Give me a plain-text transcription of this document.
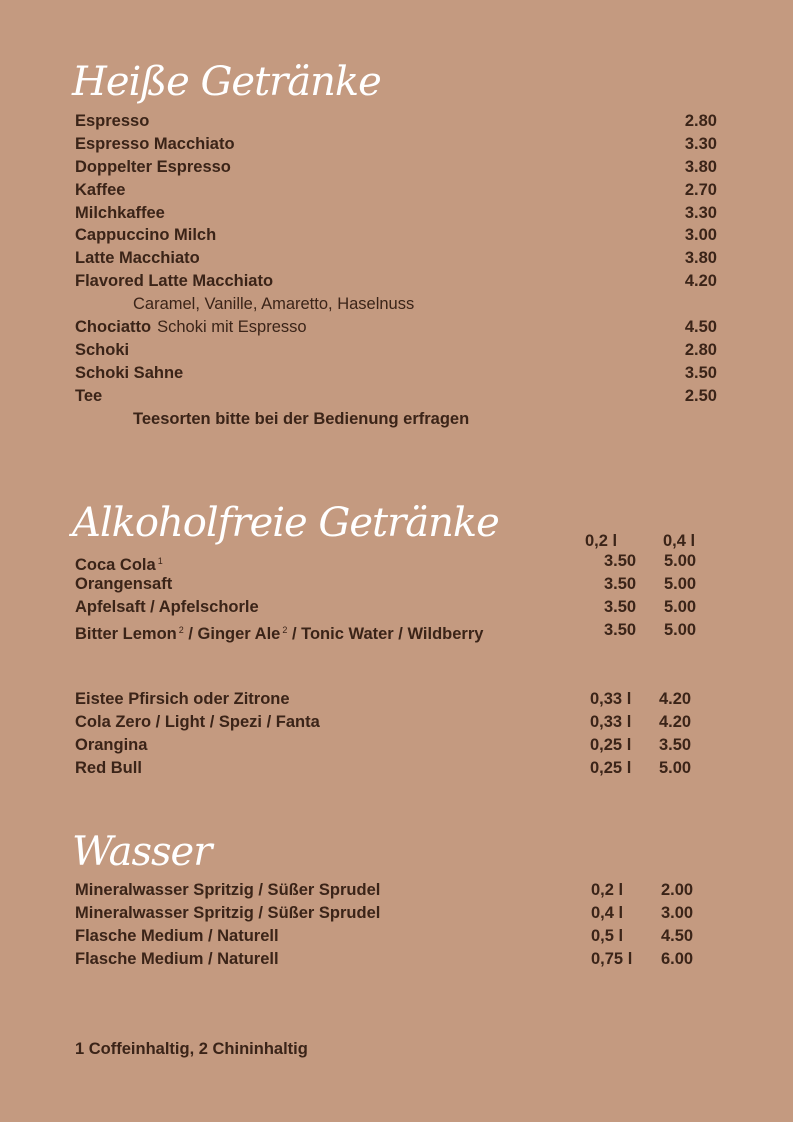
Heiße Getränke
Espresso	2.80
Espresso Macchiato	3.30
Doppelter Espresso	3.80
Kaffee	2.70
Milchkaffee	3.30
Cappuccino Milch	3.00
Latte Macchiato	3.80
Flavored Latte Macchiato	4.20
Caramel, Vanille, Amaretto, Haselnuss
Chociatto Schoki mit Espresso	4.50
Schoki	2.80
Schoki Sahne	3.50
Tee	2.50
Teesorten bitte bei der Bedienung erfragen
Alkoholfreie Getränke	0,2 l	0,4 l
Coca Cola $^1$	3.50	5.00
Orangensaft	3.50	5.00
Apfelsaft / Apfelschorle	3.50	5.00
Bitter Lemon $^2$ / Ginger Ale $^2$ / Tonic Water / Wildberry	3.50	5.00
Eistee Pfirsich oder Zitrone	0,33 l	4.20
Cola Zero / Light / Spezi / Fanta	0,33 l	4.20
Orangina	0,25 l	3.50
Red Bull	0,25 l	5.00
Wasser
Mineralwasser Spritzig / Süßer Sprudel	0,2 l	2.00
Mineralwasser Spritzig / Süßer Sprudel	0,4 l	3.00
Flasche Medium / Naturell	0,5 l	4.50
Flasche Medium / Naturell	0,75 l	6.00

1 Coffeinhaltig, 2 Chininhaltig
